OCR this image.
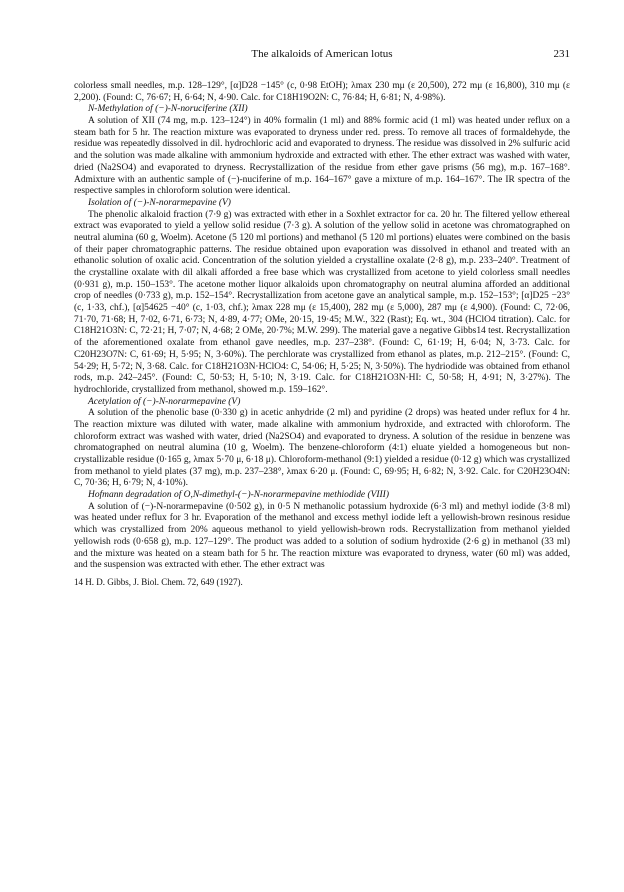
The alkaloids of American lotus	231

colorless small needles, m.p. 128–129°, [α]D28 −145° (c, 0·98 EtOH); λmax 230 mμ (ε 20,500), 272 mμ (ε 16,800), 310 mμ (ε 2,200). (Found: C, 76·67; H, 6·64; N, 4·90. Calc. for C18H19O2N: C, 76·84; H, 6·81; N, 4·98%).

N-Methylation of (−)-N-noruciferine (XII)

A solution of XII (74 mg, m.p. 123–124°) in 40% formalin (1 ml) and 88% formic acid (1 ml) was heated under reflux on a steam bath for 5 hr. The reaction mixture was evaporated to dryness under red. press. To remove all traces of formaldehyde, the residue was repeatedly dissolved in dil. hydrochloric acid and evaporated to dryness. The residue was dissolved in 2% sulfuric acid and the solution was made alkaline with ammonium hydroxide and extracted with ether. The ether extract was washed with water, dried (Na2SO4) and evaporated to dryness. Recrystallization of the residue from ether gave prisms (56 mg), m.p. 167–168°. Admixture with an authentic sample of (−)-nuciferine of m.p. 164–167° gave a mixture of m.p. 164–167°. The IR spectra of the respective samples in chloroform solution were identical.

Isolation of (−)-N-norarmepavine (V)

The phenolic alkaloid fraction (7·9 g) was extracted with ether in a Soxhlet extractor for ca. 20 hr. The filtered yellow ethereal extract was evaporated to yield a yellow solid residue (7·3 g). A solution of the yellow solid in acetone was chromatographed on neutral alumina (60 g, Woelm). Acetone (5 120 ml portions) and methanol (5 120 ml portions) eluates were combined on the basis of their paper chromatographic patterns. The residue obtained upon evaporation was dissolved in ethanol and treated with an ethanolic solution of oxalic acid. Concentration of the solution yielded a crystalline oxalate (2·8 g), m.p. 233–240°. Treatment of the crystalline oxalate with dil alkali afforded a free base which was crystallized from acetone to yield colorless small needles (0·931 g), m.p. 150–153°. The acetone mother liquor alkaloids upon chromatography on neutral alumina afforded an additional crop of needles (0·733 g), m.p. 152–154°. Recrystallization from acetone gave an analytical sample, m.p. 152–153°; [α]D25 −23° (c, 1·33, chf.), [α]54625 −40° (c, 1·03, chf.); λmax 228 mμ (ε 15,400), 282 mμ (ε 5,000), 287 mμ (ε 4,900). (Found: C, 72·06, 71·70, 71·68; H, 7·02, 6·71, 6·73; N, 4·89, 4·77; OMe, 20·15, 19·45; M.W., 322 (Rast); Eq. wt., 304 (HClO4 titration). Calc. for C18H21O3N: C, 72·21; H, 7·07; N, 4·68; 2 OMe, 20·7%; M.W. 299). The material gave a negative Gibbs14 test. Recrystallization of the aforementioned oxalate from ethanol gave needles, m.p. 237–238°. (Found: C, 61·19; H, 6·04; N, 3·73. Calc. for C20H23O7N: C, 61·69; H, 5·95; N, 3·60%). The perchlorate was crystallized from ethanol as plates, m.p. 212–215°. (Found: C, 54·29; H, 5·72; N, 3·68. Calc. for C18H21O3N·HClO4: C, 54·06; H, 5·25; N, 3·50%). The hydriodide was obtained from ethanol rods, m.p. 242–245°. (Found: C, 50·53; H, 5·10; N, 3·19. Calc. for C18H21O3N·HI: C, 50·58; H, 4·91; N, 3·27%). The hydrochloride, crystallized from methanol, showed m.p. 159–162°.

Acetylation of (−)-N-norarmepavine (V)

A solution of the phenolic base (0·330 g) in acetic anhydride (2 ml) and pyridine (2 drops) was heated under reflux for 4 hr. The reaction mixture was diluted with water, made alkaline with ammonium hydroxide, and extracted with chloroform. The chloroform extract was washed with water, dried (Na2SO4) and evaporated to dryness. A solution of the residue in benzene was chromatographed on neutral alumina (10 g, Woelm). The benzene-chloroform (4:1) eluate yielded a homogeneous but non-crystallizable residue (0·165 g, λmax 5·70 μ, 6·18 μ). Chloroform-methanol (9:1) yielded a residue (0·12 g) which was crystallized from methanol to yield plates (37 mg), m.p. 237–238°, λmax 6·20 μ. (Found: C, 69·95; H, 6·82; N, 3·92. Calc. for C20H23O4N: C, 70·36; H, 6·79; N, 4·10%).

Hofmann degradation of O,N-dimethyl-(−)-N-norarmepavine methiodide (VIII)

A solution of (−)-N-norarmepavine (0·502 g), in 0·5 N methanolic potassium hydroxide (6·3 ml) and methyl iodide (3·8 ml) was heated under reflux for 3 hr. Evaporation of the methanol and excess methyl iodide left a yellowish-brown resinous residue which was crystallized from 20% aqueous methanol to yield yellowish-brown rods. Recrystallization from methanol yielded yellowish rods (0·658 g), m.p. 127–129°. The product was added to a solution of sodium hydroxide (2·6 g) in methanol (33 ml) and the mixture was heated on a steam bath for 5 hr. The reaction mixture was evaporated to dryness, water (60 ml) was added, and the suspension was extracted with ether. The ether extract was

14 H. D. Gibbs, J. Biol. Chem. 72, 649 (1927).
